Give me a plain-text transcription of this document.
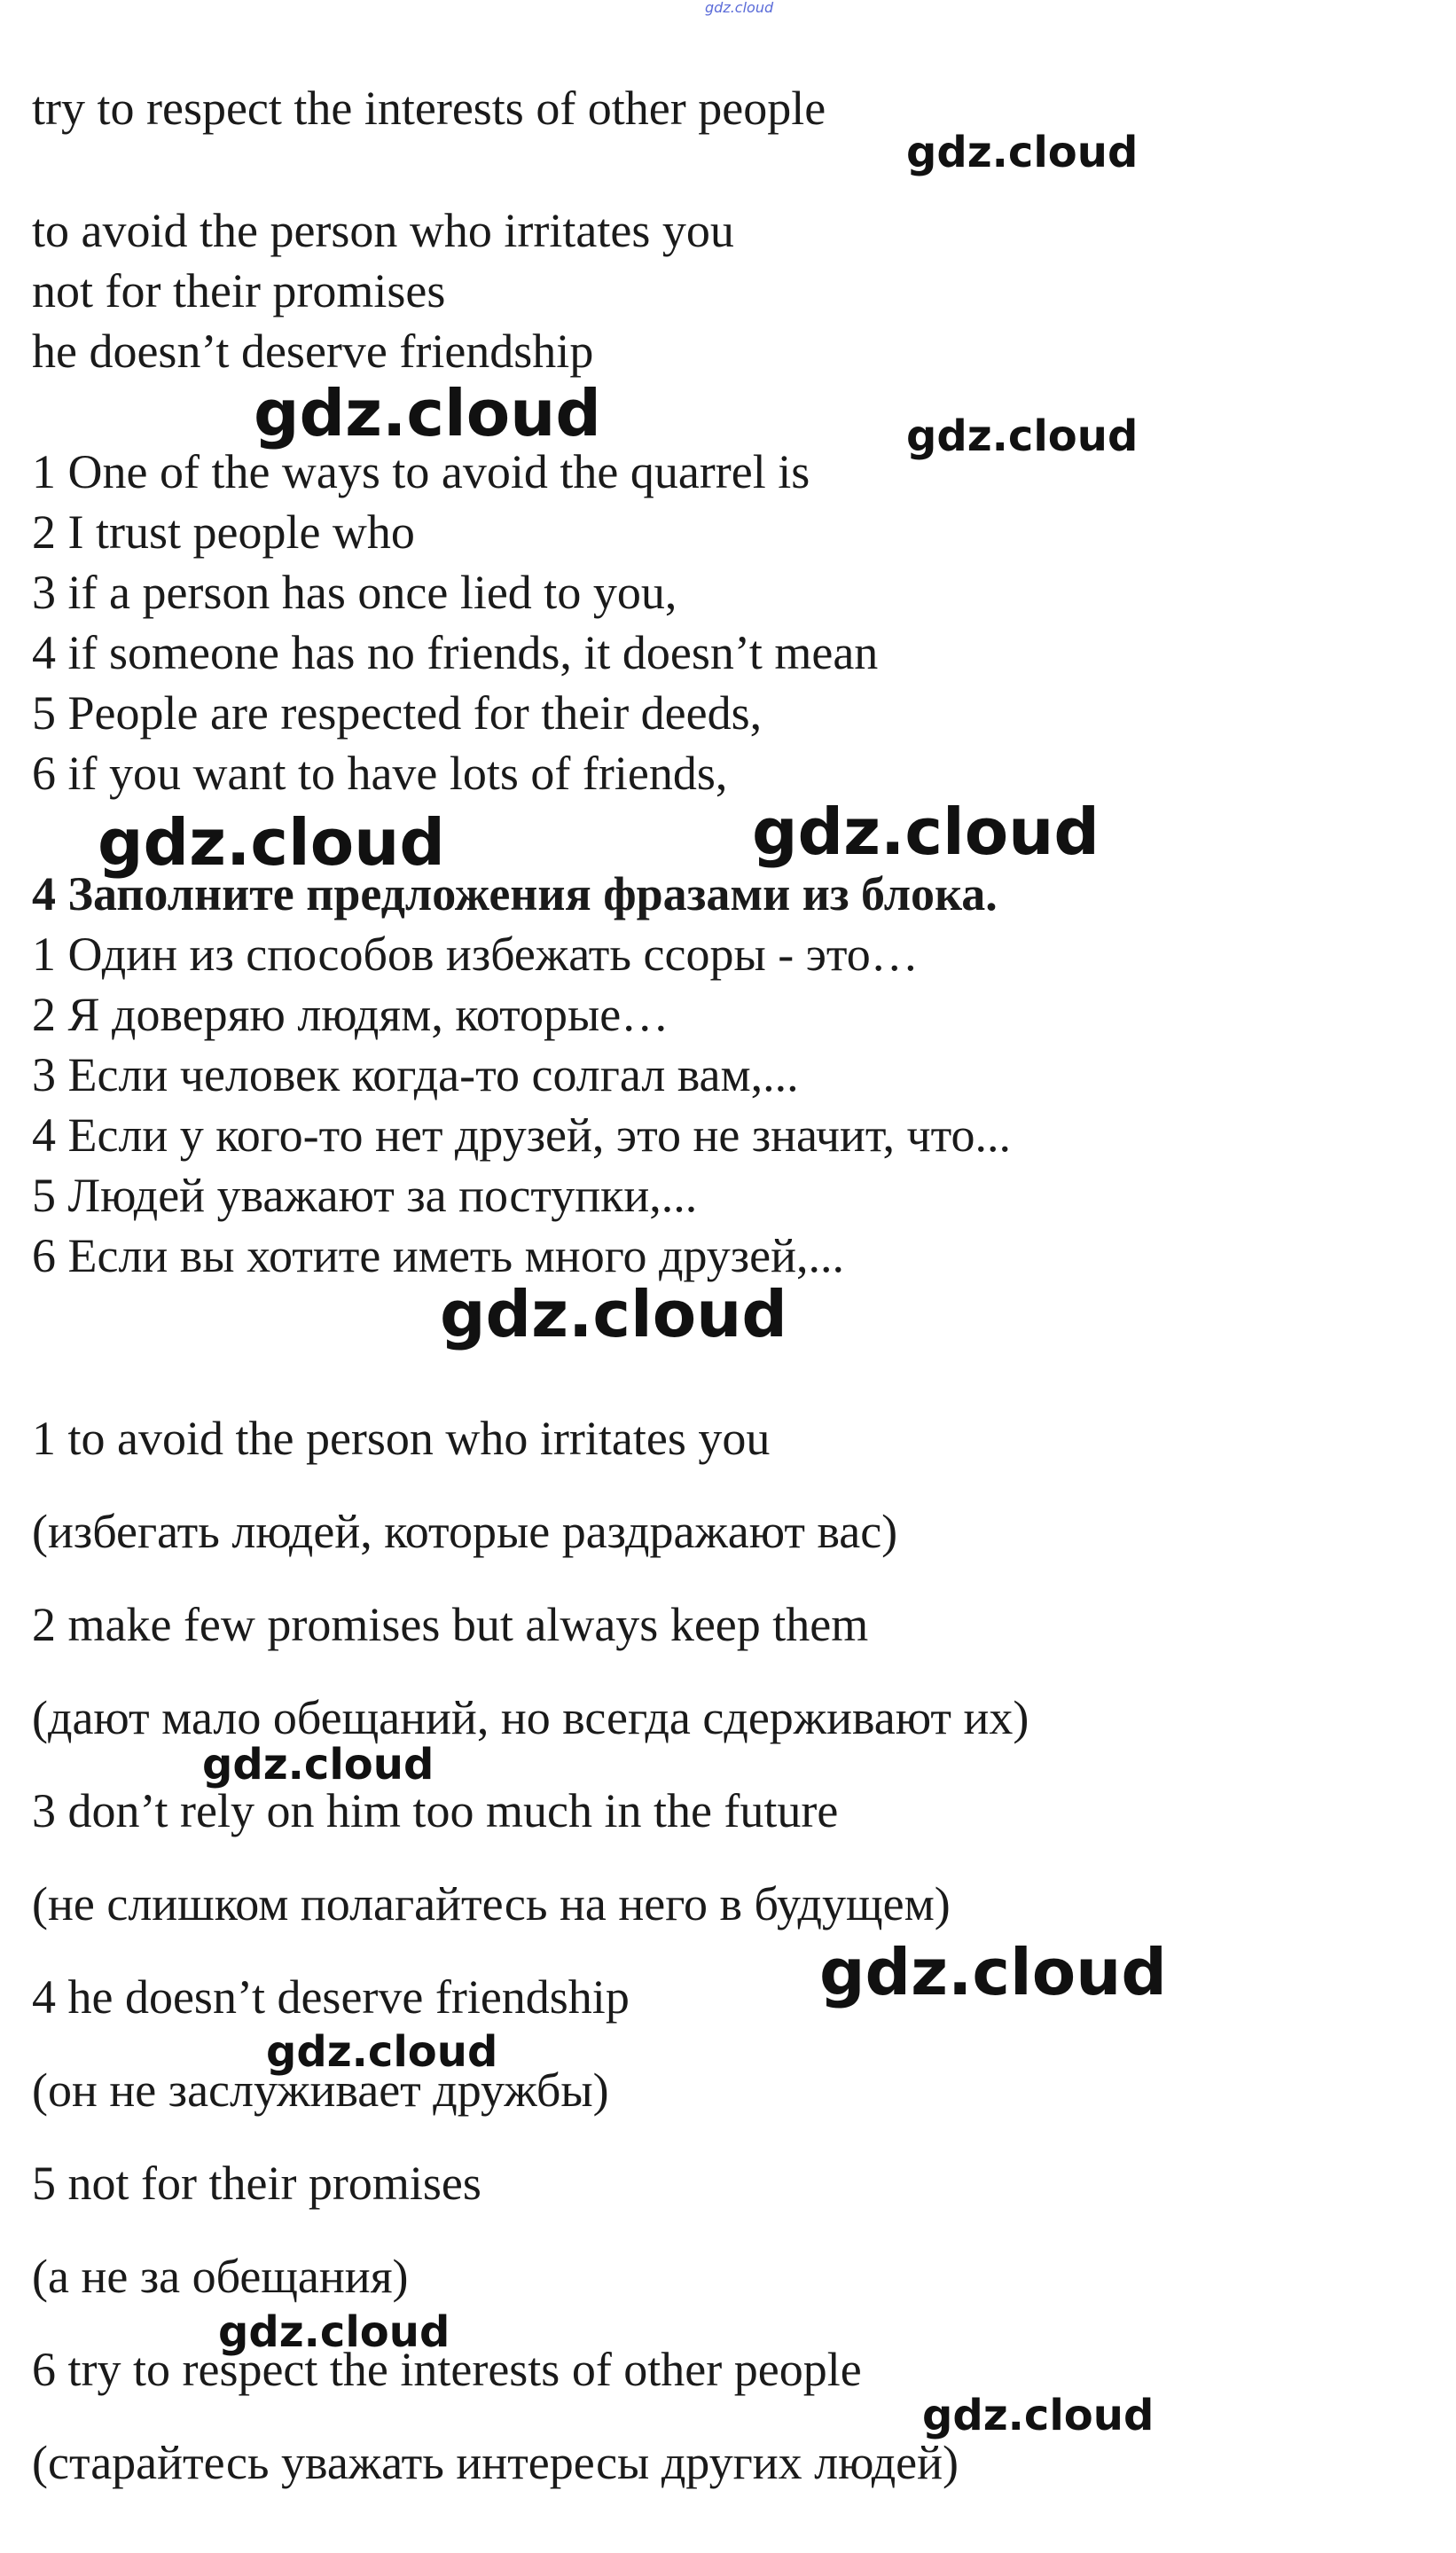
gdz.cloud
try to respect the interests of other people
to avoid the person who irritates you
not for their promises
he doesn’t deserve friendship
1 One of the ways to avoid the quarrel is
2 I trust people who
3 if a person has once lied to you,
4 if someone has no friends, it doesn’t mean
5 People are respected for their deeds,
6 if you want to have lots of friends,
4 Заполните предложения фразами из блока.
1 Один из способов избежать ссоры - это…
2 Я доверяю людям, которые…
3 Если человек когда-то солгал вам,...
4 Если у кого-то нет друзей, это не значит, что...
5 Людей уважают за поступки,...
6 Если вы хотите иметь много друзей,...
1 to avoid the person who irritates you
(избегать людей, которые раздражают вас)
2 make few promises but always keep them
(дают мало обещаний, но всегда сдерживают их)
3 don’t rely on him too much in the future
(не слишком полагайтесь на него в будущем)
4 he doesn’t deserve friendship
(он не заслуживает дружбы)
5 not for their promises
(а не за обещания)
6 try to respect the interests of other people
(старайтесь уважать интересы других людей)
gdz.cloud
gdz.cloud	gdz.cloud
gdz.cloud	gdz.cloud
gdz.cloud
gdz.cloud
gdz.cloud
gdz.cloud
gdz.cloud
gdz.cloud
